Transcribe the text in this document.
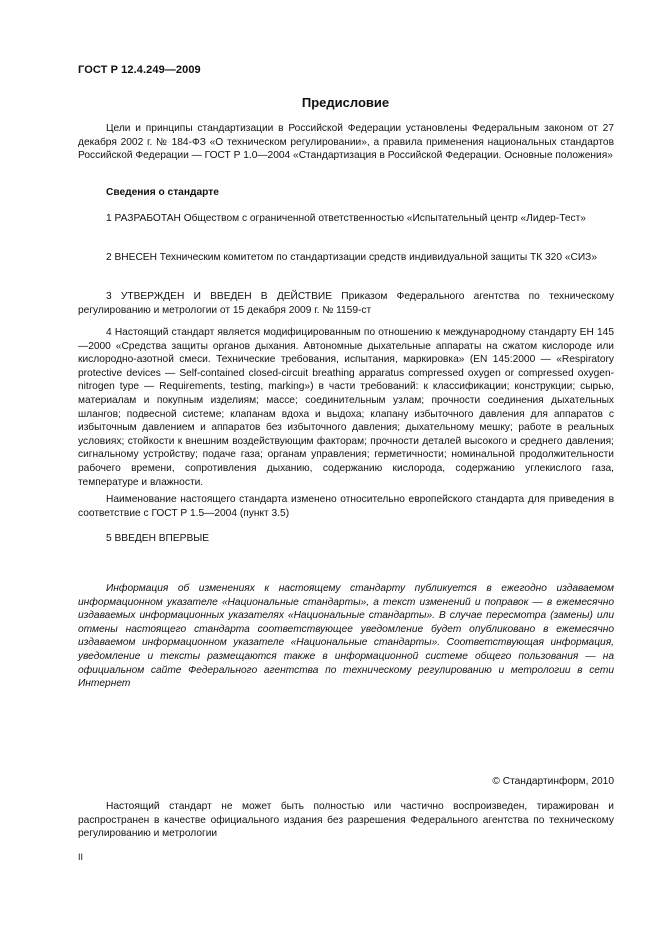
ГОСТ Р 12.4.249—2009
Предисловие
Цели и принципы стандартизации в Российской Федерации установлены Федеральным законом от 27 декабря 2002 г. № 184-ФЗ «О техническом регулировании», а правила применения национальных стандартов Российской Федерации — ГОСТ Р 1.0—2004 «Стандартизация в Российской Федерации. Основные положения»
Сведения о стандарте
1 РАЗРАБОТАН Обществом с ограниченной ответственностью «Испытательный центр «Лидер-Тест»
2 ВНЕСЕН Техническим комитетом по стандартизации средств индивидуальной защиты ТК 320 «СИЗ»
3 УТВЕРЖДЕН И ВВЕДЕН В ДЕЙСТВИЕ Приказом Федерального агентства по техническому регулированию и метрологии от 15 декабря 2009 г. № 1159-ст
4 Настоящий стандарт является модифицированным по отношению к международному стандарту ЕН 145—2000 «Средства защиты органов дыхания. Автономные дыхательные аппараты на сжатом кислороде или кислородно-азотной смеси. Технические требования, испытания, маркировка» (EN 145:2000 — «Respiratory protective devices — Self-contained closed-circuit breathing apparatus compressed oxygen or compressed oxygen-nitrogen type — Requirements, testing, marking») в части требований: к классификации; конструкции; сырью, материалам и покупным изделиям; массе; соединительным узлам; прочности соединения дыхательных шлангов; подвесной системе; клапанам вдоха и выдоха; клапану избыточного давления для аппаратов с избыточным давлением и аппаратов без избыточного давления; дыхательному мешку; работе в реальных условиях; стойкости к внешним воздействующим факторам; прочности деталей высокого и среднего давления; сигнальному устройству; подаче газа; органам управления; герметичности; номинальной продолжительности рабочего времени, сопротивления дыханию, содержанию кислорода, содержанию углекислого газа, температуре и влажности.
Наименование настоящего стандарта изменено относительно европейского стандарта для приведения в соответствие с ГОСТ Р 1.5—2004 (пункт 3.5)
5 ВВЕДЕН ВПЕРВЫЕ
Информация об изменениях к настоящему стандарту публикуется в ежегодно издаваемом информационном указателе «Национальные стандарты», а текст изменений и поправок — в ежемесячно издаваемых информационных указателях «Национальные стандарты». В случае пересмотра (замены) или отмены настоящего стандарта соответствующее уведомление будет опубликовано в ежемесячно издаваемом информационном указателе «Национальные стандарты». Соответствующая информация, уведомление и тексты размещаются также в информационной системе общего пользования — на официальном сайте Федерального агентства по техническому регулированию и метрологии в сети Интернет
© Стандартинформ, 2010
Настоящий стандарт не может быть полностью или частично воспроизведен, тиражирован и распространен в качестве официального издания без разрешения Федерального агентства по техническому регулированию и метрологии
II
